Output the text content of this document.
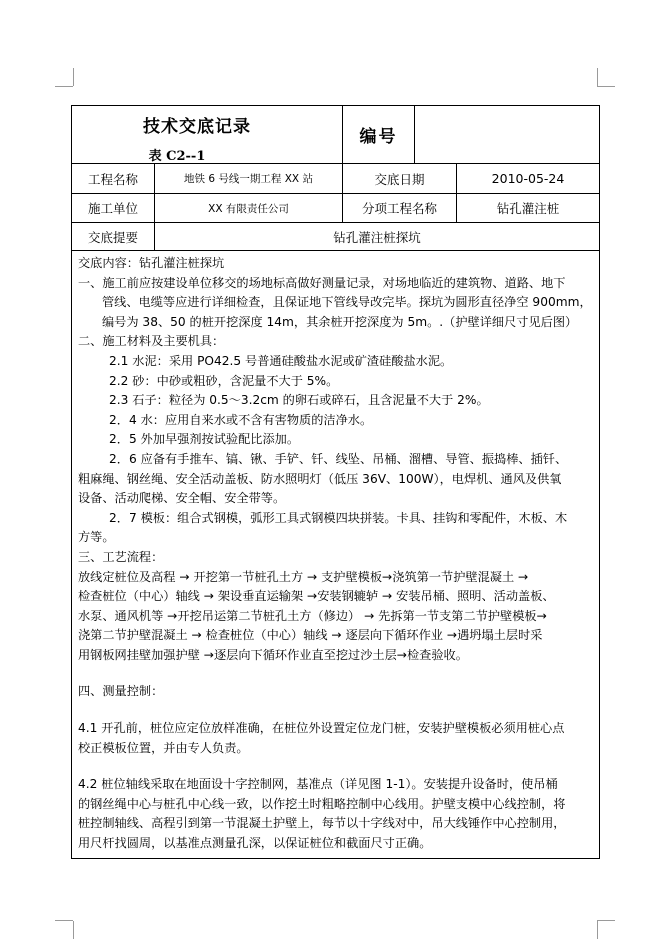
技术交底记录
表 C2--1
编号
工程名称	地铁 6 号线一期工程 XX 站	交底日期	2010-05-24
施工单位	XX 有限责任公司	分项工程名称	钻孔灌注桩
交底提要	钻孔灌注桩探坑

交底内容：钻孔灌注桩探坑

一、施工前应按建设单位移交的场地标高做好测量记录，对场地临近的建筑物、道路、地下

管线、电缆等应进行详细检查，且保证地下管线导改完毕。探坑为圆形直径净空 900mm，

编号为 38、50 的桩开挖深度 14m，其余桩开挖深度为 5m。.（护壁详细尺寸见后图）

二、施工材料及主要机具：

2.1 水泥：采用 PO42.5 号普通硅酸盐水泥或矿渣硅酸盐水泥。

2.2 砂：中砂或粗砂，含泥量不大于 5%。

2.3 石子：粒径为 0.5～3.2cm 的卵石或碎石，且含泥量不大于 2%。

2．4 水：应用自来水或不含有害物质的洁净水。

2．5 外加早强剂按试验配比添加。

2．6 应备有手推车、镐、锹、手铲、钎、线坠、吊桶、溜槽、导管、振捣棒、插钎、

粗麻绳、钢丝绳、安全活动盖板、防水照明灯（低压 36V、100W），电焊机、通风及供氧

设备、活动爬梯、安全帽、安全带等。

2．7 模板：组合式钢模，弧形工具式钢模四块拼装。卡具、挂钩和零配件，木板、木

方等。

三、工艺流程：

放线定桩位及高程 → 开挖第一节桩孔土方 → 支护壁模板→浇筑第一节护壁混凝土 →

检查桩位（中心）轴线 → 架设垂直运输架 →安装钢辘轳 → 安装吊桶、照明、活动盖板、

水泵、通风机等 →开挖吊运第二节桩孔土方（修边） → 先拆第一节支第二节护壁模板→

浇第二节护壁混凝土 → 检查桩位（中心）轴线 → 逐层向下循环作业 →遇坍塌土层时采

用钢板网挂壁加强护壁 →逐层向下循环作业直至挖过沙土层→检查验收。

四、测量控制：

4.1 开孔前，桩位应定位放样准确，在桩位外设置定位龙门桩，安装护壁模板必须用桩心点

校正模板位置，并由专人负责。

4.2 桩位轴线采取在地面设十字控制网，基准点（详见图 1-1）。安装提升设备时，使吊桶

的钢丝绳中心与桩孔中心线一致，以作挖土时粗略控制中心线用。护壁支模中心线控制，将

桩控制轴线、高程引到第一节混凝土护壁上，每节以十字线对中，吊大线锤作中心控制用，

用尺杆找圆周，以基准点测量孔深，以保证桩位和截面尺寸正确。
